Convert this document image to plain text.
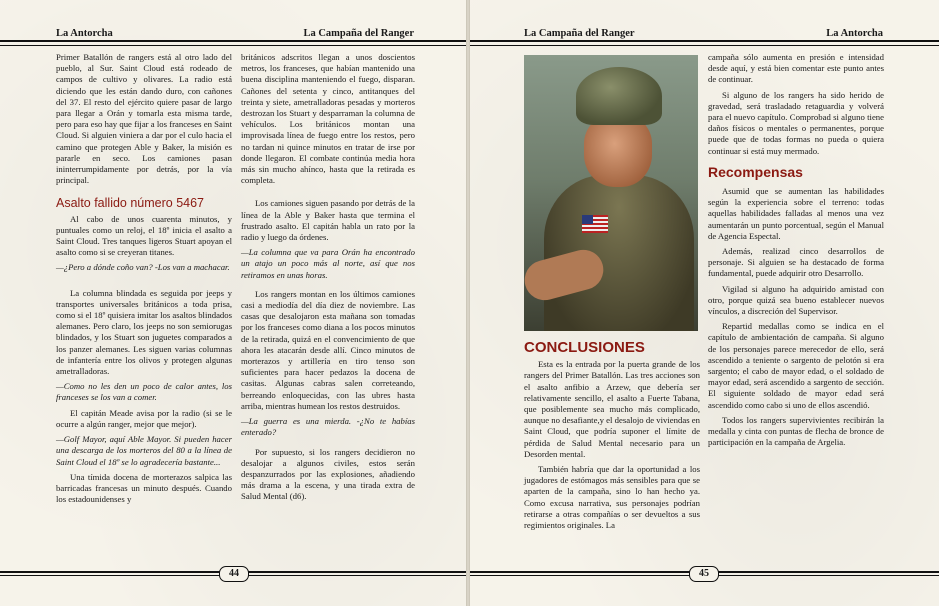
La Antorcha	La Campaña del Ranger

Primer Batallón de rangers está al otro lado del pueblo, al Sur. Saint Cloud está rodeado de campos de cultivo y olivares. La radio está diciendo que les están dando duro, con cañones del 37. El resto del ejército quiere pasar de largo para llegar a Orán y tomarla esta misma tarde, pero para eso hay que fijar a los franceses en Saint Cloud. Si alguien viniera a dar por el culo hacia el camino que protegen Able y Baker, la misión es pararle en seco. Los camiones pasan ininterrumpidamente por detrás, por la vía principal.

Asalto fallido número 5467

Al cabo de unos cuarenta minutos, y puntuales como un reloj, el 18º inicia el asalto a Saint Cloud. Tres tanques ligeros Stuart apoyan el asalto como si se creyeran titanes.

—¿Pero a dónde coño van? -Los van a machacar.

La columna blindada es seguida por jeeps y transportes universales británicos a toda prisa, como si el 18º quisiera imitar los asaltos blindados alemanes. Pero claro, los jeeps no son semiorugas blindados, y los Stuart son juguetes comparados a los panzer alemanes. Les siguen varias columnas de infantería entre los olivos y protegen algunas ametralladoras.

—Como no les den un poco de calor antes, los franceses se los van a comer.

El capitán Meade avisa por la radio (si se le ocurre a algún ranger, mejor que mejor).

—Golf Mayor, aquí Able Mayor. Si pueden hacer una descarga de los morteros del 80 a la línea de Saint Cloud el 18º se lo agradecería bastante...

Una tímida docena de morterazos salpica las barricadas francesas un minuto después. Cuando los estadounidenses y

británicos adscritos llegan a unos doscientos metros, los franceses, que habían mantenido una buena disciplina manteniendo el fuego, disparan. Cañones del setenta y cinco, antitanques del treinta y siete, ametralladoras pesadas y morteros destrozan los Stuart y desparraman la columna de vehículos. Los británicos montan una improvisada línea de fuego entre los restos, pero no tardan ni quince minutos en tratar de irse por donde llegaron. El combate continúa media hora más sin mucho ahínco, hasta que la retirada es completa.

Los camiones siguen pasando por detrás de la línea de la Able y Baker hasta que termina el frustrado asalto. El capitán habla un rato por la radio y luego da órdenes.

—La columna que va para Orán ha encontrado un atajo un poco más al norte, así que nos retiramos en unas horas.

Los rangers montan en los últimos camiones casi a mediodía del día diez de noviembre. Las casas que desalojaron esta mañana son tomadas por los franceses como diana a los pocos minutos de la retirada, quizá en el convencimiento de que ahora les atacarán desde allí. Cinco minutos de morterazos y artillería en tiro tenso son suficientes para hacer pedazos la docena de casitas. Algunas cabras salen correteando, berreando enloquecidas, con las ubres hasta arriba, mientras humean los restos destruidos.

—La guerra es una mierda. -¿No te habías enterado?

Por supuesto, si los rangers decidieron no desalojar a algunos civiles, estos serán despanzurrados por las explosiones, añadiendo más drama a la escena, y una tirada extra de Salud Mental (d6).

44
La Campaña del Ranger	La Antorcha
CONCLUSIONES

Esta es la entrada por la puerta grande de los rangers del Primer Batallón. Las tres acciones son el asalto anfibio a Arzew, que debería ser relativamente sencillo, el asalto a Fuerte Tabana, que posiblemente sea mucho más complicado, aunque no desafiante,y el desalojo de viviendas en Saint Cloud, que podría suponer el límite de pérdida de Salud Mental necesario para un Desorden mental.

También habría que dar la oportunidad a los jugadores de estómagos más sensibles para que se aparten de la campaña, sino lo han hecho ya. Como excusa narrativa, sus personajes podrían retirarse a otras compañías o ser devueltos a sus regimientos originales. La

campaña sólo aumenta en presión e intensidad desde aquí, y está bien comentar este punto antes de continuar.

Si alguno de los rangers ha sido herido de gravedad, será trasladado retaguardia y volverá para el nuevo capítulo. Comprobad si alguno tiene daños físicos o mentales o permanentes, porque puede que de todas formas no pueda o quiera continuar si está muy mermado.

Recompensas

Asumid que se aumentan las habilidades según la experiencia sobre el terreno: todas aquellas habilidades falladas al menos una vez aumentarán un punto porcentual, según el Manual de Agencia Espectal.

Además, realizad cinco desarrollos de personaje. Si alguien se ha destacado de forma fundamental, puede adquirir otro Desarrollo.

Vigilad si alguno ha adquirido amistad con otro, porque quizá sea bueno establecer nuevos vínculos, a discreción del Supervisor.

Repartid medallas como se indica en el capítulo de ambientación de campaña. Si alguno de los personajes parece merecedor de ello, será ascendido a teniente o sargento de pelotón si era sargento; el cabo de mayor edad, o el soldado de mayor edad, será ascendido a sargento de sección. El siguiente soldado de mayor edad será ascendido como cabo si uno de ellos ascendió.

Todos los rangers supervivientes recibirán la medalla y cinta con puntas de flecha de bronce de participación en la campaña de Argelia.

45
